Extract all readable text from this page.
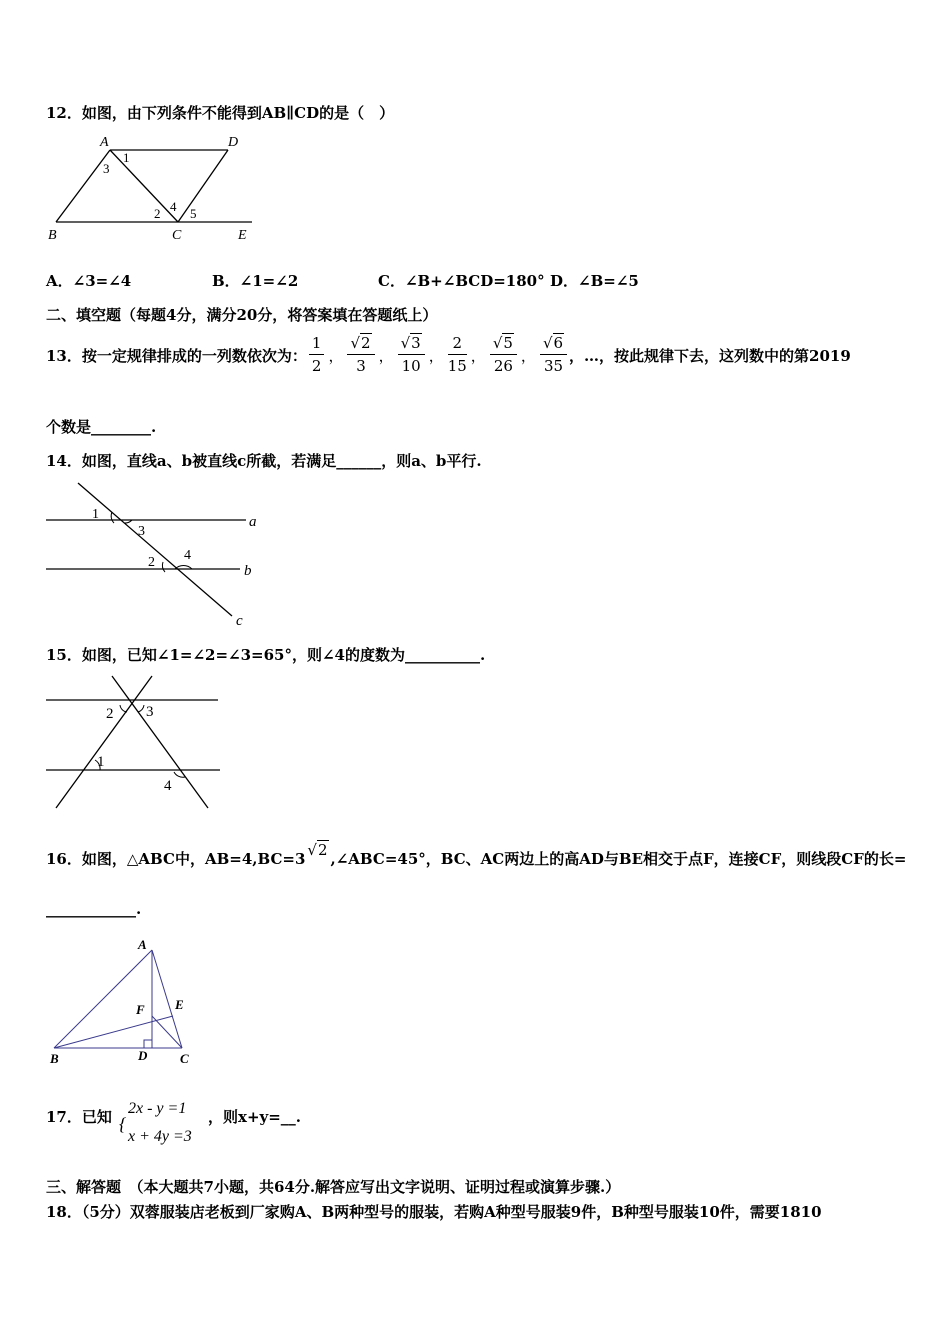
12．如图，由下列条件不能得到AB∥CD的是（　）
A	D
B	C	E
1
3
2 4 5
A．∠3=∠4	B．∠1=∠2	C．∠B+∠BCD=180° D．∠B=∠5
二、填空题（每题4分，满分20分，将答案填在答题纸上）
13．按一定规律排成的一列数依次为： $\frac{1}{2}$ ， $\frac{√2}{3}$ ， $\frac{√3}{10}$ ， $\frac{2}{15}$ ， $\frac{√5}{26}$ ， $\frac{√6}{35}$ ，…，按此规律下去，这列数中的第2019
个数是________.
14．如图，直线a、b被直线c所截，若满足______，则a、b平行.
1
3
2 4
a
b
c
15．如图，已知∠1=∠2=∠3=65°，则∠4的度数为__________.
2 3
1
4
16．如图，△ABC中，AB=4,BC=3 √2 ,∠ABC=45°，BC、AC两边上的高AD与BE相交于点F，连接CF，则线段CF的长=
____________.
A
B	C
D
E
F
17．已知 {
2x - y =1
x + 4y =3
，则x+y=__.
三、解答题　（本大题共7小题，共64分.解答应写出文字说明、证明过程或演算步骤.）
18．（5分）双蓉服装店老板到厂家购A、B两种型号的服装，若购A种型号服装9件，B种型号服装10件，需要1810
